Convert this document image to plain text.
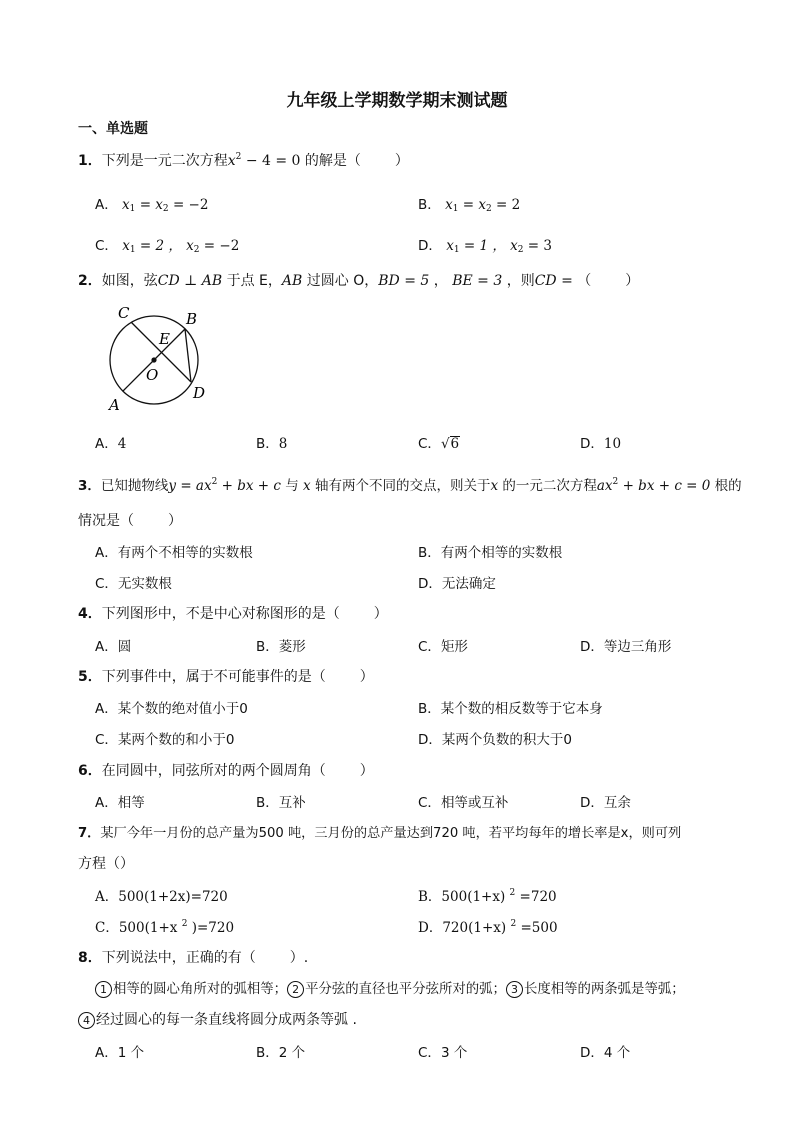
九年级上学期数学期末测试题
一、单选题
1．下列是一元二次方程$x^2 - 4 = 0$ 的解是（ ）
A． $x_1 = x_2 = -2$	B． $x_1 = x_2 = 2$
C． $x_1 = 2$ ， $x_2 = -2$	D． $x_1 = 1$ ， $x_2 = 3$
2．如图，弦CD ⊥ AB 于点 E，AB 过圆心 O，BD = 5 ， BE = 3 ，则CD = （ ）
C
E
B
O
A
D
A．4	B．8	C．√6	D．10
3．已知抛物线$y = ax^2$ + bx + c 与 x 轴有两个不同的交点，则关于x 的一元二次方程$ax^2$ + bx + c = 0 根的
情况是（ ）
A．有两个不相等的实数根	B．有两个相等的实数根
C．无实数根	D．无法确定
4．下列图形中，不是中心对称图形的是（ ）
A．圆	B．菱形	C．矩形	D．等边三角形
5．下列事件中，属于不可能事件的是（ ）
A．某个数的绝对值小于0	B．某个数的相反数等于它本身
C．某两个数的和小于0	D．某两个负数的积大于0
6．在同圆中，同弦所对的两个圆周角（ ）
A．相等	B．互补	C．相等或互补	D．互余
7．某厂今年一月份的总产量为500 吨，三月份的总产量达到720 吨，若平均每年的增长率是x，则可列
方程（）
A．500(1+2x)=720	B．500(1+x) $^2$ =720
C．500(1+x $^2$ )=720	D．720(1+x) $^2$ =500
8．下列说法中，正确的有（ ）.
1 相等的圆心角所对的弧相等； 2 平分弦的直径也平分弦所对的弧； 3 长度相等的两条弧是等弧；
4 经过圆心的每一条直线将圆分成两条等弧 .
A．1 个	B．2 个	C．3 个	D．4 个
